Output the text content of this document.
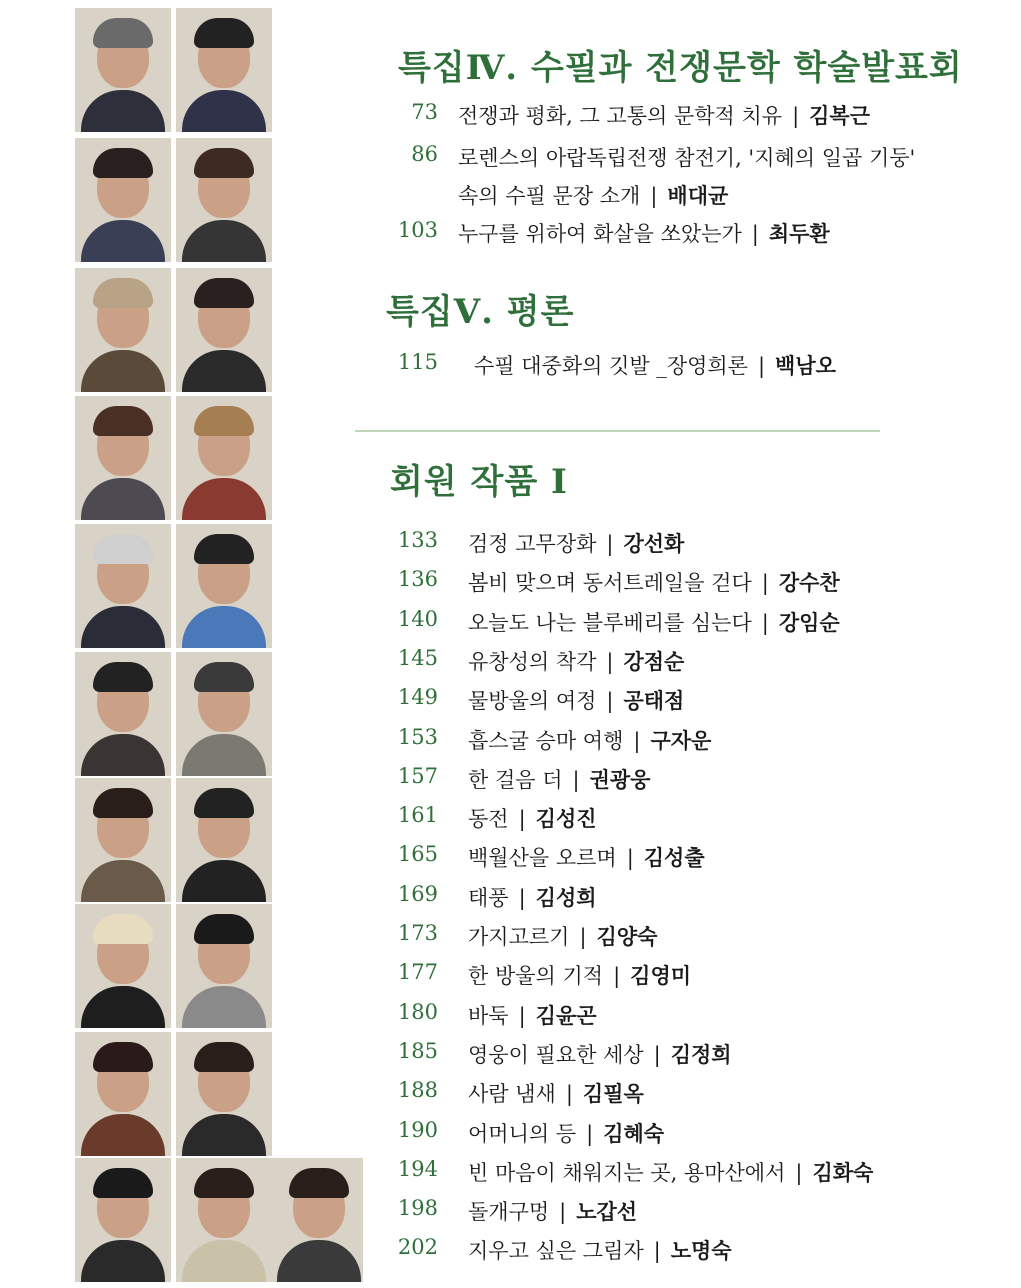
특집Ⅳ. 수필과 전쟁문학 학술발표회
73 전쟁과 평화, 그 고통의 문학적 치유 | 김복근
86 로렌스의 아랍독립전쟁 참전기, '지혜의 일곱 기둥'
속의 수필 문장 소개 | 배대균
103 누구를 위하여 화살을 쏘았는가 | 최두환
특집Ⅴ. 평론
115 수필 대중화의 깃발 _장영희론 | 백남오
회원 작품 I
133 검정 고무장화 | 강선화
136 봄비 맞으며 동서트레일을 걷다 | 강수찬
140 오늘도 나는 블루베리를 심는다 | 강임순
145 유창성의 착각 | 강점순
149 물방울의 여정 | 공태점
153 흡스굴 승마 여행 | 구자운
157 한 걸음 더 | 권광웅
161 동전 | 김성진
165 백월산을 오르며 | 김성출
169 태풍 | 김성희
173 가지고르기 | 김양숙
177 한 방울의 기적 | 김영미
180 바둑 | 김윤곤
185 영웅이 필요한 세상 | 김정희
188 사람 냄새 | 김필옥
190 어머니의 등 | 김혜숙
194 빈 마음이 채워지는 곳, 용마산에서 | 김화숙
198 돌개구멍 | 노갑선
202 지우고 싶은 그림자 | 노명숙
